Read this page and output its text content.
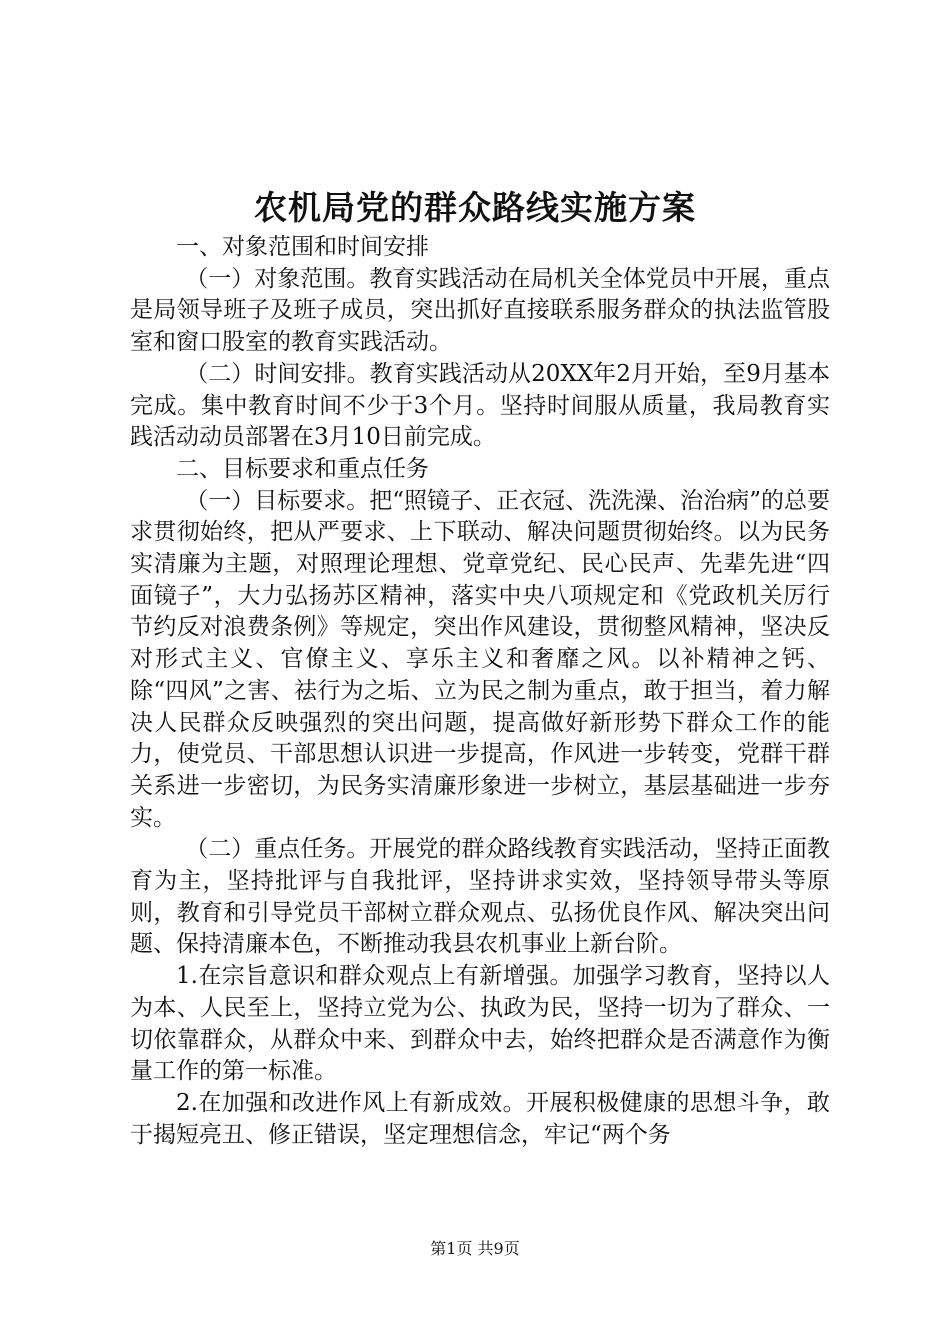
农机局党的群众路线实施方案

一、对象范围和时间安排

（一）对象范围。教育实践活动在局机关全体党员中开展，重点是局领导班子及班子成员，突出抓好直接联系服务群众的执法监管股室和窗口股室的教育实践活动。

（二）时间安排。教育实践活动从20XX年2月开始，至9月基本完成。集中教育时间不少于3个月。坚持时间服从质量，我局教育实践活动动员部署在3月10日前完成。

二、目标要求和重点任务

（一）目标要求。把“照镜子、正衣冠、洗洗澡、治治病”的总要求贯彻始终，把从严要求、上下联动、解决问题贯彻始终。以为民务实清廉为主题，对照理论理想、党章党纪、民心民声、先辈先进“四面镜子”，大力弘扬苏区精神，落实中央八项规定和《党政机关厉行节约反对浪费条例》等规定，突出作风建设，贯彻整风精神，坚决反对形式主义、官僚主义、享乐主义和奢靡之风。以补精神之钙、除“四风”之害、祛行为之垢、立为民之制为重点，敢于担当，着力解决人民群众反映强烈的突出问题，提高做好新形势下群众工作的能力，使党员、干部思想认识进一步提高，作风进一步转变，党群干群关系进一步密切，为民务实清廉形象进一步树立，基层基础进一步夯实。

（二）重点任务。开展党的群众路线教育实践活动，坚持正面教育为主，坚持批评与自我批评，坚持讲求实效，坚持领导带头等原则，教育和引导党员干部树立群众观点、弘扬优良作风、解决突出问题、保持清廉本色，不断推动我县农机事业上新台阶。

1.在宗旨意识和群众观点上有新增强。加强学习教育，坚持以人为本、人民至上，坚持立党为公、执政为民，坚持一切为了群众、一切依靠群众，从群众中来、到群众中去，始终把群众是否满意作为衡量工作的第一标准。

2.在加强和改进作风上有新成效。开展积极健康的思想斗争，敢于揭短亮丑、修正错误，坚定理想信念，牢记“两个务

第1页 共9页
